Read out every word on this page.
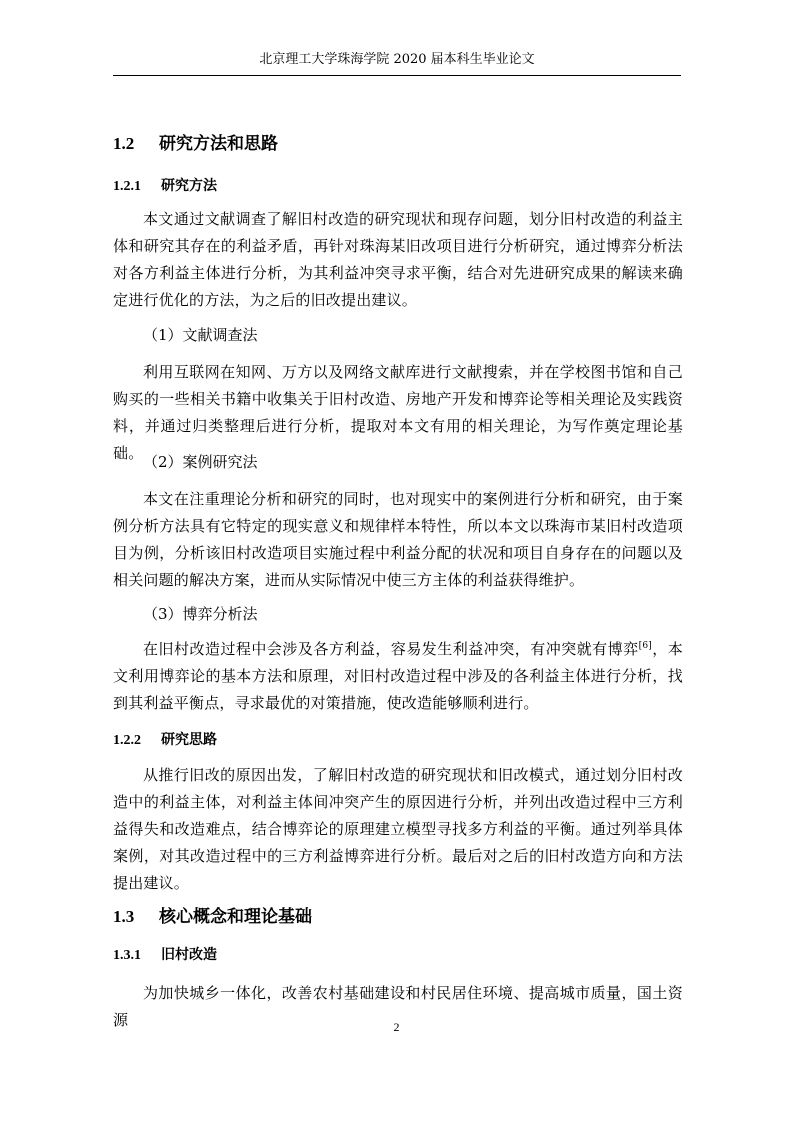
北京理工大学珠海学院 2020 届本科生毕业论文
1.2 研究方法和思路
1.2.1 研究方法
本文通过文献调查了解旧村改造的研究现状和现存问题，划分旧村改造的利益主体和研究其存在的利益矛盾，再针对珠海某旧改项目进行分析研究，通过博弈分析法对各方利益主体进行分析，为其利益冲突寻求平衡，结合对先进研究成果的解读来确定进行优化的方法，为之后的旧改提出建议。
（1）文献调查法
利用互联网在知网、万方以及网络文献库进行文献搜索，并在学校图书馆和自己购买的一些相关书籍中收集关于旧村改造、房地产开发和博弈论等相关理论及实践资料，并通过归类整理后进行分析，提取对本文有用的相关理论，为写作奠定理论基础。 （2）案例研究法
本文在注重理论分析和研究的同时，也对现实中的案例进行分析和研究，由于案例分析方法具有它特定的现实意义和规律样本特性，所以本文以珠海市某旧村改造项目为例，分析该旧村改造项目实施过程中利益分配的状况和项目自身存在的问题以及相关问题的解决方案，进而从实际情况中使三方主体的利益获得维护。
（3）博弈分析法
在旧村改造过程中会涉及各方利益，容易发生利益冲突，有冲突就有博弈[6]，本文利用博弈论的基本方法和原理，对旧村改造过程中涉及的各利益主体进行分析，找到其利益平衡点，寻求最优的对策措施，使改造能够顺利进行。
1.2.2 研究思路
从推行旧改的原因出发，了解旧村改造的研究现状和旧改模式，通过划分旧村改造中的利益主体，对利益主体间冲突产生的原因进行分析，并列出改造过程中三方利益得失和改造难点，结合博弈论的原理建立模型寻找多方利益的平衡。通过列举具体案例，对其改造过程中的三方利益博弈进行分析。最后对之后的旧村改造方向和方法提出建议。
1.3 核心概念和理论基础
1.3.1 旧村改造
为加快城乡一体化，改善农村基础建设和村民居住环境、提高城市质量，国土资源	2
